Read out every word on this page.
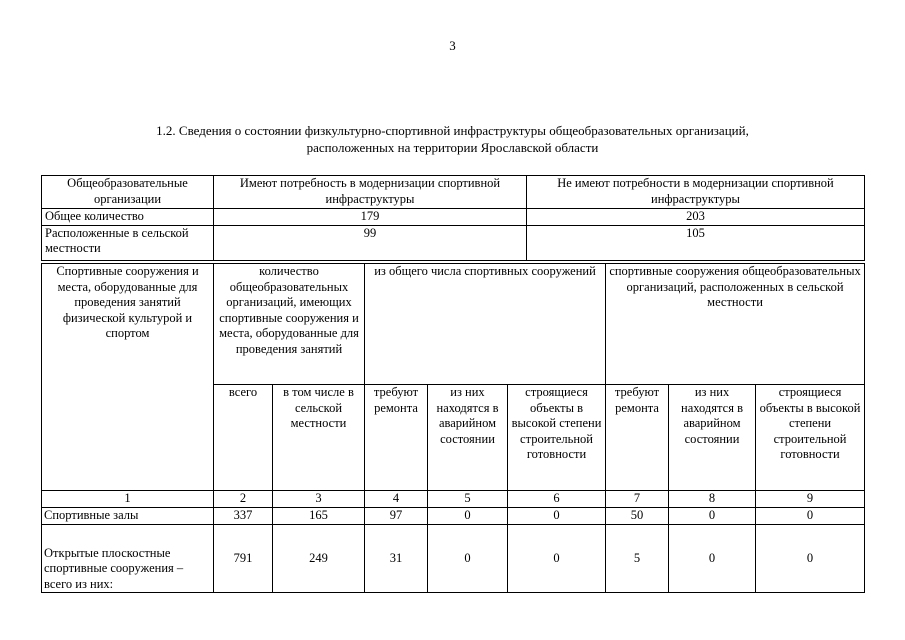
3
1.2. Сведения о состоянии физкультурно-спортивной инфраструктуры общеобразовательных организаций,
расположенных на территории Ярославской области
Общеобразовательные организации	Имеют потребность в модернизации спортивной инфраструктуры	Не имеют потребности в модернизации спортивной инфраструктуры
Общее количество	179	203
Расположенные в сельской местности	99	105
Спортивные сооружения и места, оборудованные для проведения занятий физической культурой и спортом	количество общеобразовательных организаций, имеющих спортивные сооружения и места, оборудованные для проведения занятий		из общего числа спортивных сооружений			спортивные сооружения общеобразовательных организаций, расположенных в сельской местности		
	всего	в том числе в сельской местности	требуют ремонта	из них находятся в аварийном состоянии	строящиеся объекты в высокой степени строительной готовности	требуют ремонта	из них находятся в аварийном состоянии	строящиеся объекты в высокой степени строительной готовности
1	2	3	4	5	6	7	8	9
Спортивные залы	337	165	97	0	0	50	0	0
Открытые плоскостные спортивные сооружения – всего из них:	791	249	31	0	0	5	0	0
